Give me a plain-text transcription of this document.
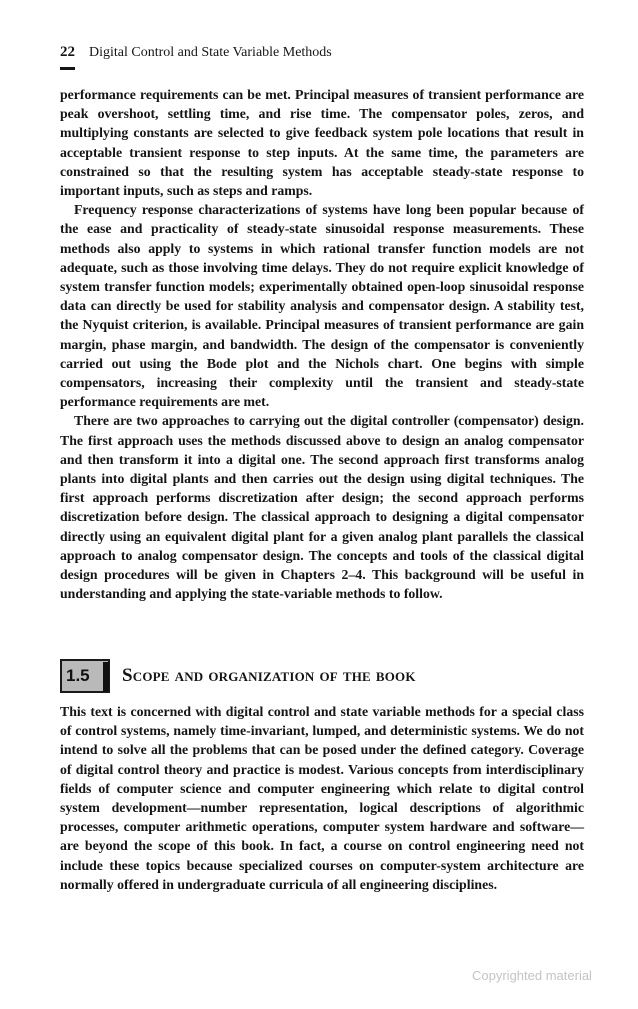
22 Digital Control and State Variable Methods

performance requirements can be met. Principal measures of transient performance are peak overshoot, settling time, and rise time. The compensator poles, zeros, and multiplying constants are selected to give feedback system pole locations that result in acceptable transient response to step inputs. At the same time, the parameters are constrained so that the resulting system has acceptable steady-state response to important inputs, such as steps and ramps.

Frequency response characterizations of systems have long been popular because of the ease and practicality of steady-state sinusoidal response measurements. These methods also apply to systems in which rational transfer function models are not adequate, such as those involving time delays. They do not require explicit knowledge of system transfer function models; experimentally obtained open-loop sinusoidal response data can directly be used for stability analysis and compensator design. A stability test, the Nyquist criterion, is available. Principal measures of transient performance are gain margin, phase margin, and bandwidth. The design of the compensator is conveniently carried out using the Bode plot and the Nichols chart. One begins with simple compensators, increasing their complexity until the transient and steady-state performance requirements are met.

There are two approaches to carrying out the digital controller (compensator) design. The first approach uses the methods discussed above to design an analog compensator and then transform it into a digital one. The second approach first transforms analog plants into digital plants and then carries out the design using digital techniques. The first approach performs discretization after design; the second approach performs discretization before design. The classical approach to designing a digital compensator directly using an equivalent digital plant for a given analog plant parallels the classical approach to analog compensator design. The concepts and tools of the classical digital design procedures will be given in Chapters 2–4. This background will be useful in understanding and applying the state-variable methods to follow.

1.5 Scope and organization of the book

This text is concerned with digital control and state variable methods for a special class of control systems, namely time-invariant, lumped, and deterministic systems. We do not intend to solve all the problems that can be posed under the defined category. Coverage of digital control theory and practice is modest. Various concepts from interdisciplinary fields of computer science and computer engineering which relate to digital control system development—number representation, logical descriptions of algorithmic processes, computer arithmetic operations, computer system hardware and software—are beyond the scope of this book. In fact, a course on control engineering need not include these topics because specialized courses on computer-system architecture are normally offered in undergraduate curricula of all engineering disciplines.

Copyrighted material
